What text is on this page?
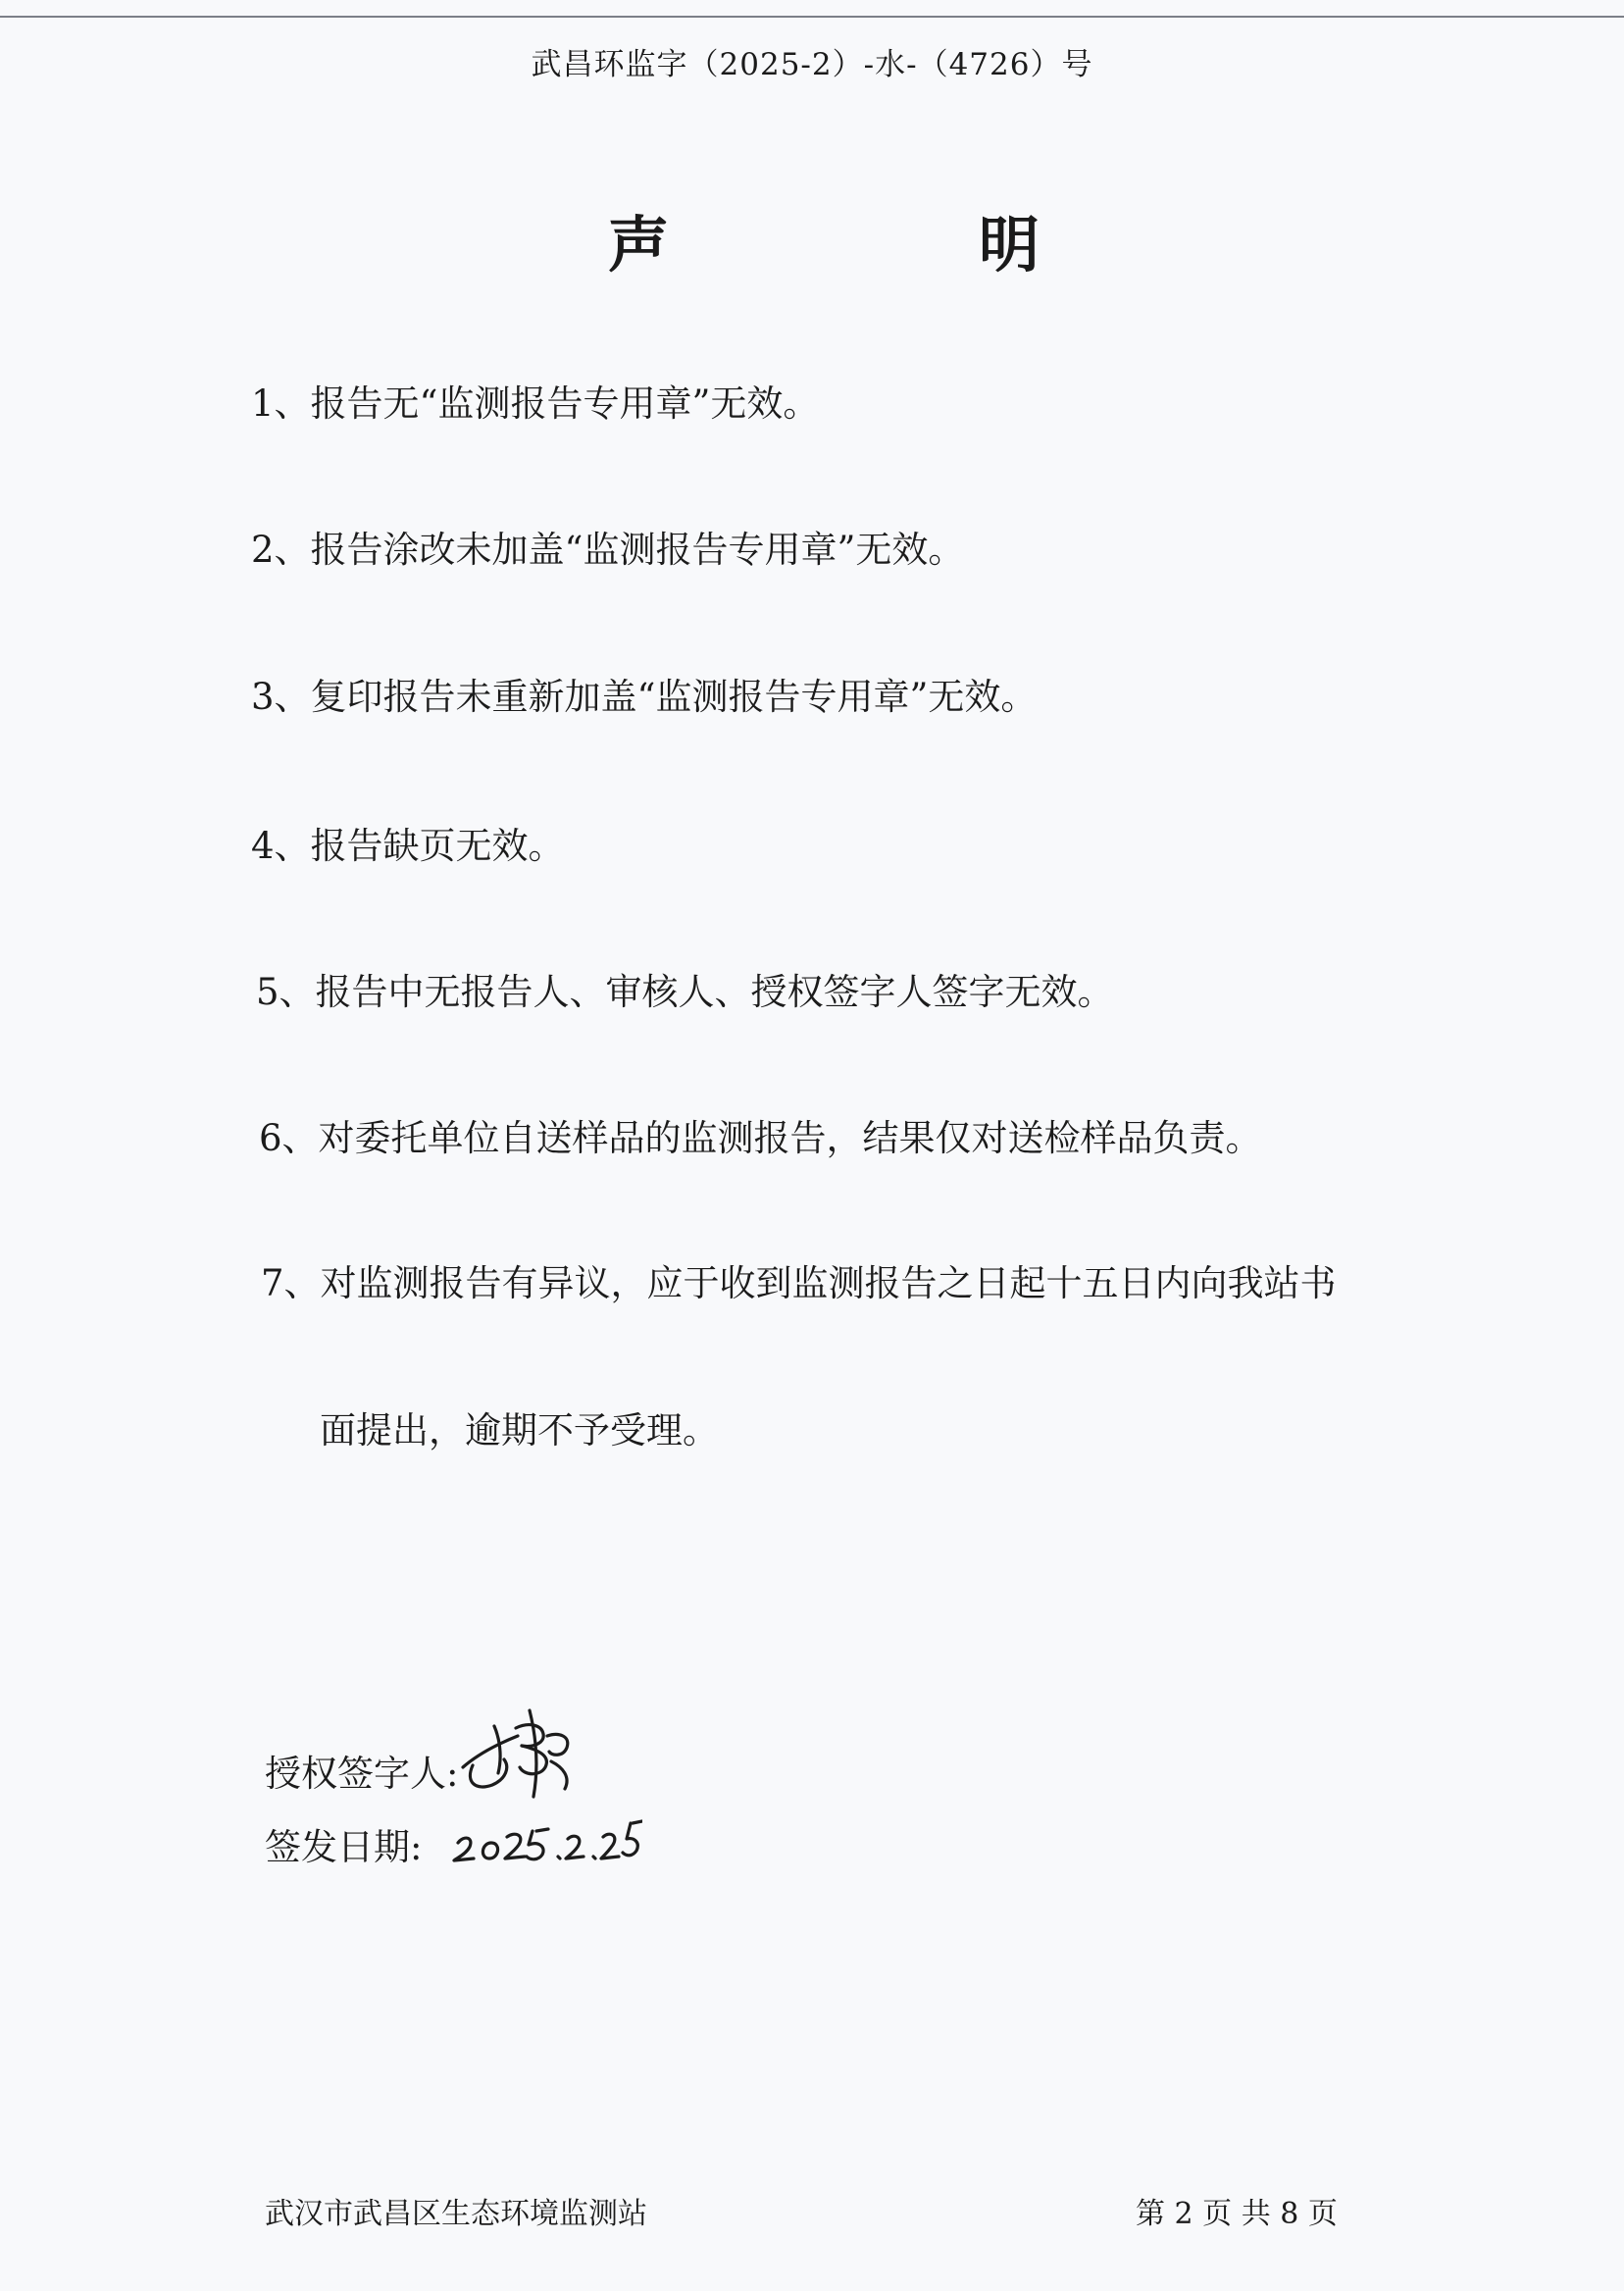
武昌环监字（2025-2）-水-（4726）号
声	明
1、报告无“监测报告专用章”无效。
2、报告涂改未加盖“监测报告专用章”无效。
3、复印报告未重新加盖“监测报告专用章”无效。
4、报告缺页无效。
5、报告中无报告人、审核人、授权签字人签字无效。
6、对委托单位自送样品的监测报告，结果仅对送检样品负责。
7、对监测报告有异议，应于收到监测报告之日起十五日内向我站书
面提出，逾期不予受理。
授权签字人:
签发日期:
武汉市武昌区生态环境监测站	第 2 页 共 8 页
